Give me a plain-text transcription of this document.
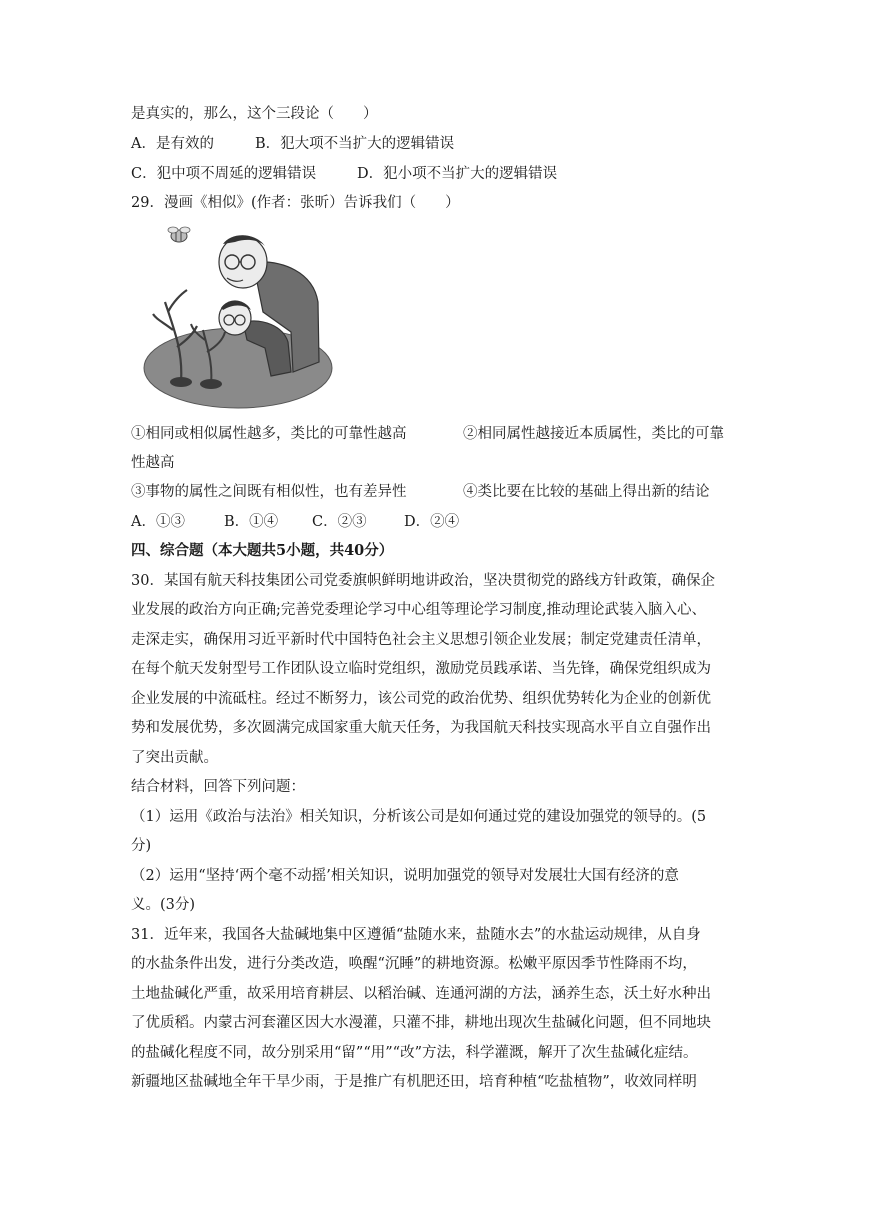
是真实的，那么，这个三段论（　　）
A．是有效的	B．犯大项不当扩大的逻辑错误
C．犯中项不周延的逻辑错误	D．犯小项不当扩大的逻辑错误
29．漫画《相似》(作者：张昕）告诉我们（　　）
①相同或相似属性越多，类比的可靠性越高	②相同属性越接近本质属性，类比的可靠
性越高
③事物的属性之间既有相似性，也有差异性	④类比要在比较的基础上得出新的结论
A．①③	B．①④ C．②③	D．②④
四、综合题（本大题共5小题，共40分）
30．某国有航天科技集团公司党委旗帜鲜明地讲政治，坚决贯彻党的路线方针政策，确保企
业发展的政治方向正确;完善党委理论学习中心组等理论学习制度,推动理论武装入脑入心、
走深走实，确保用习近平新时代中国特色社会主义思想引领企业发展；制定党建责任清单，
在每个航天发射型号工作团队设立临时党组织，激励党员践承诺、当先锋，确保党组织成为
企业发展的中流砥柱。经过不断努力，该公司党的政治优势、组织优势转化为企业的创新优
势和发展优势，多次圆满完成国家重大航天任务，为我国航天科技实现高水平自立自强作出
了突出贡献。
结合材料，回答下列问题：
（1）运用《政治与法治》相关知识，分析该公司是如何通过党的建设加强党的领导的。(5
分)
（2）运用“坚持‘两个毫不动摇’相关知识，说明加强党的领导对发展壮大国有经济的意
义。(3分)
31．近年来，我国各大盐碱地集中区遵循“盐随水来，盐随水去”的水盐运动规律，从自身
的水盐条件出发，进行分类改造，唤醒“沉睡”的耕地资源。松嫩平原因季节性降雨不均，
土地盐碱化严重，故采用培育耕层、以稻治碱、连通河湖的方法，涵养生态，沃土好水种出
了优质稻。内蒙古河套灌区因大水漫灌，只灌不排，耕地出现次生盐碱化问题，但不同地块
的盐碱化程度不同，故分别采用“留”“用”“改”方法，科学灌溉，解开了次生盐碱化症结。
新疆地区盐碱地全年干旱少雨，于是推广有机肥还田，培育种植“吃盐植物”，收效同样明
